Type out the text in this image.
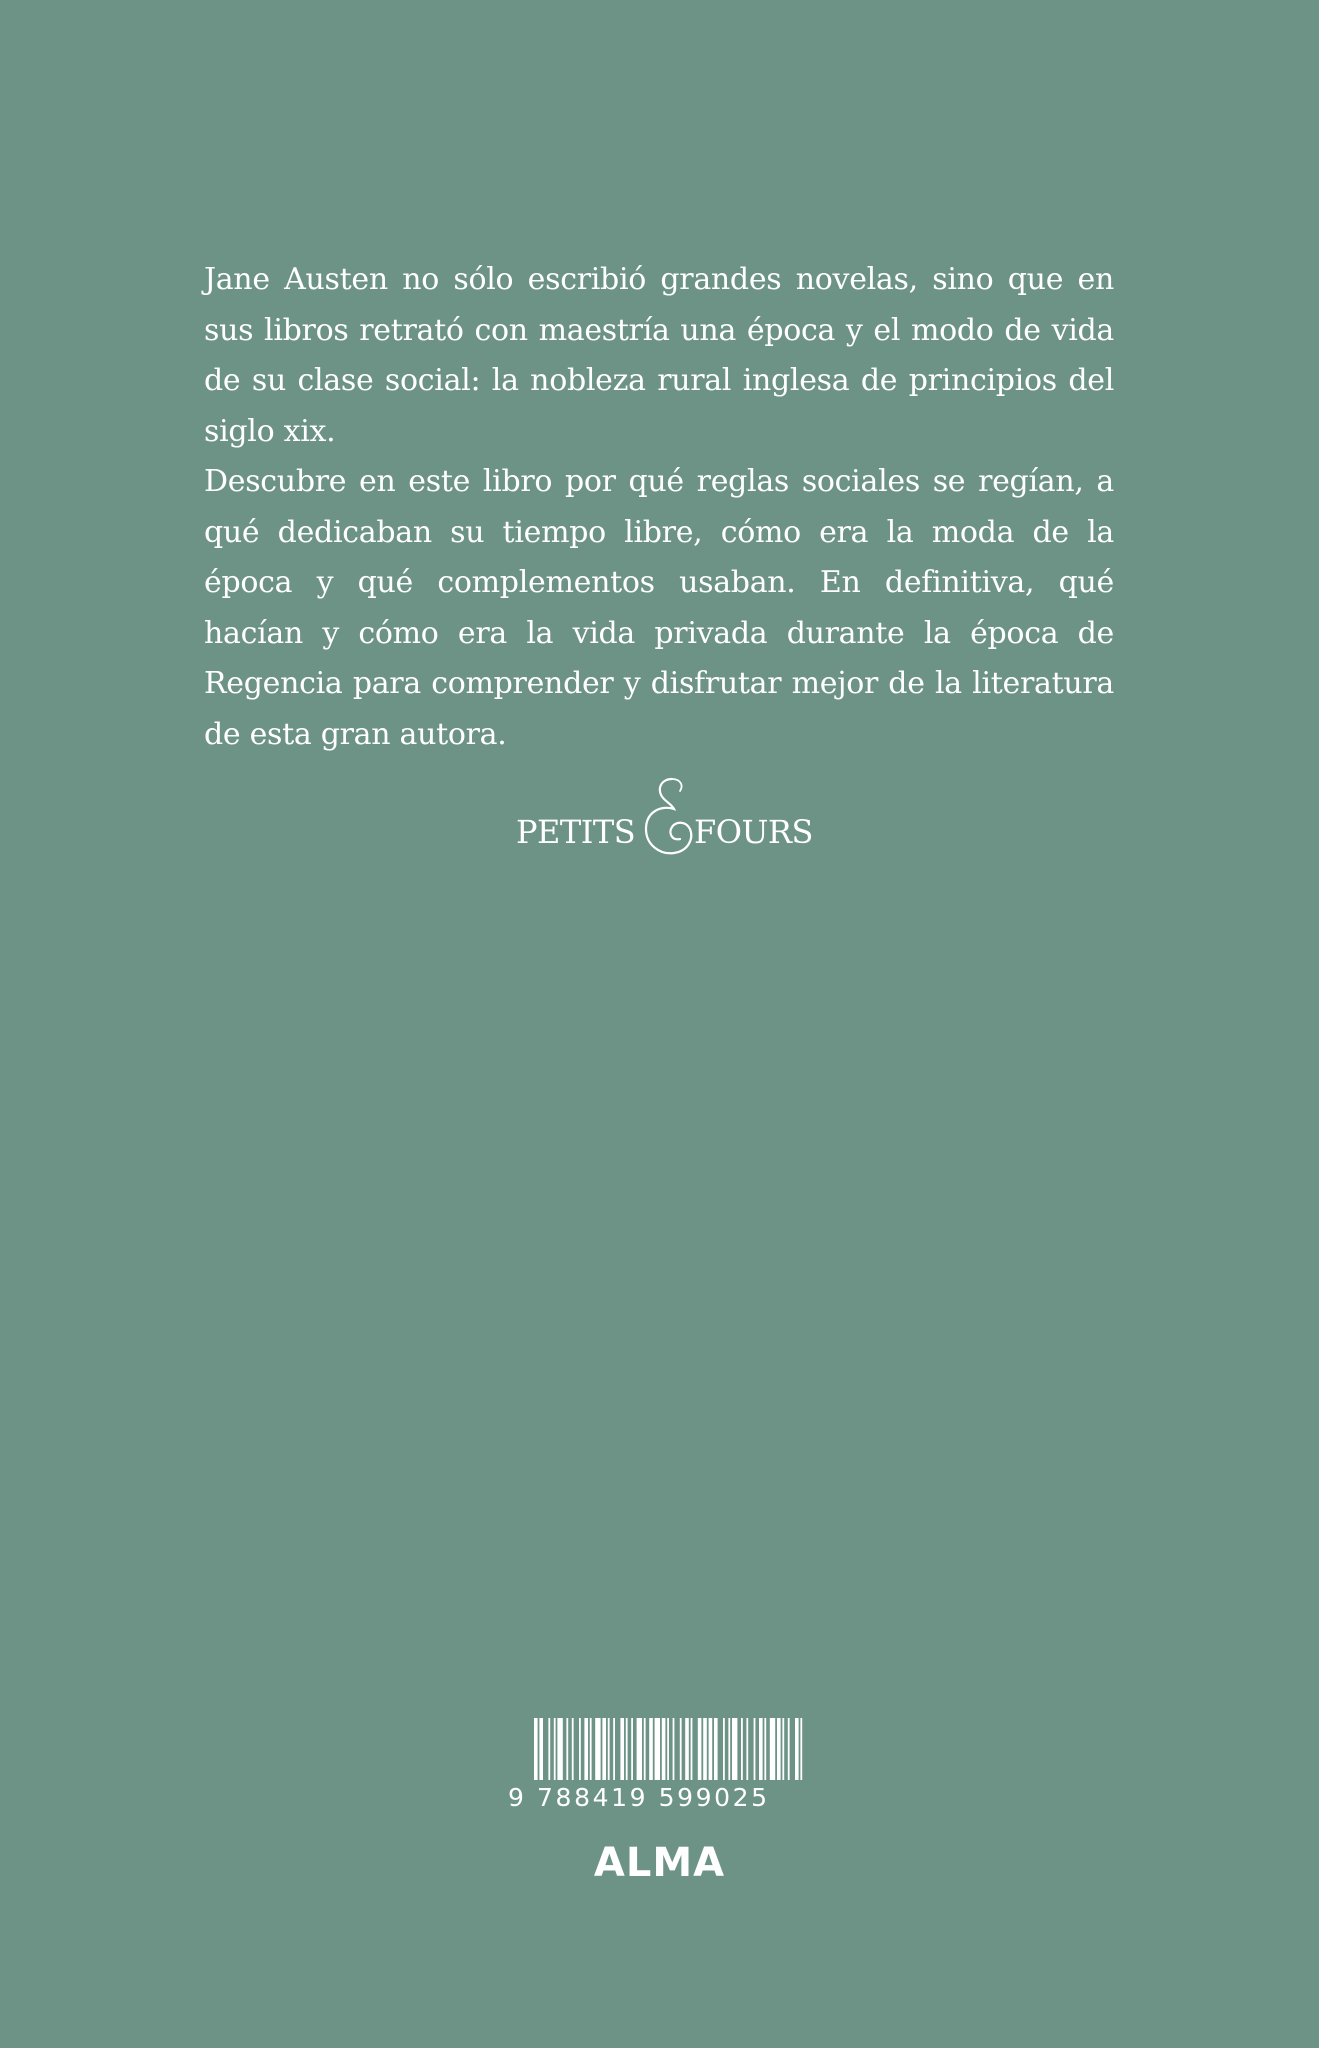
Jane Austen no sólo escribió grandes novelas, sino que en sus libros retrató con maestría una época y el modo de vida de su clase social: la nobleza rural inglesa de principios del siglo xix.

Descubre en este libro por qué reglas sociales se regían, a qué dedicaban su tiempo libre, cómo era la moda de la época y qué complementos usaban. En definitiva, qué hacían y cómo era la vida privada durante la época de Regencia para comprender y disfrutar mejor de la literatura de esta gran autora.

PETITS FOURS
9 788419 599025
ALMA
